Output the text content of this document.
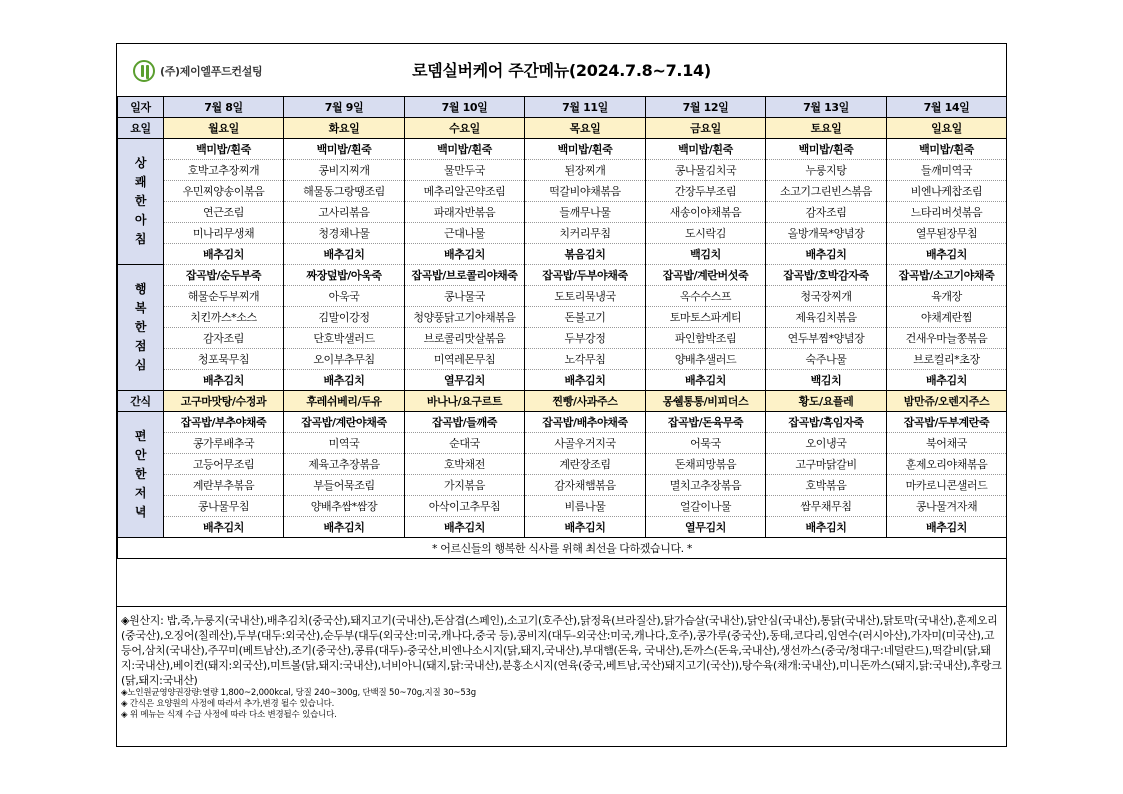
(주)제이엘푸드컨설팅	로뎀실버케어 주간메뉴(2024.7.8~7.14)
일자	7월 8일	7월 9일	7월 10일	7월 11일	7월 12일	7월 13일	7월 14일
요일	월요일	화요일	수요일	목요일	금요일	토요일	일요일
상
쾌
한
아
침	백미밥/흰죽	백미밥/흰죽	백미밥/흰죽	백미밥/흰죽	백미밥/흰죽	백미밥/흰죽	백미밥/흰죽
	호박고추장찌개	콩비지찌개	물만두국	된장찌개	콩나물김치국	누룽지탕	들깨미역국
	우민찌양송이볶음	해물동그랑땡조림	메추리알곤약조림	떡갈비야채볶음	간장두부조림	소고기그린빈스볶음	비엔나케찹조림
	연근조림	고사리볶음	파래자반볶음	들깨무나물	새송이야채볶음	감자조림	느타리버섯볶음
	미나리무생채	청경채나물	근대나물	치커리무침	도시락김	올방개묵*양념장	열무된장무침
	배추김치	배추김치	배추김치	볶음김치	백김치	배추김치	배추김치
행
복
한
점
심	잡곡밥/순두부죽	짜장덮밥/아욱죽	잡곡밥/브로콜리야채죽	잡곡밥/두부야채죽	잡곡밥/계란버섯죽	잡곡밥/호박감자죽	잡곡밥/소고기야채죽
	해물순두부찌개	아욱국	콩나물국	도토리묵냉국	옥수수스프	청국장찌개	육개장
	치킨까스*소스	김말이강정	청양풍닭고기야채볶음	돈불고기	토마토스파게티	제육김치볶음	야채계란찜
	감자조림	단호박샐러드	브로콜리맛살볶음	두부강정	파인함박조림	연두부찜*양념장	건새우마늘쫑볶음
	청포묵무침	오이부추무침	미역레몬무침	노각무침	양배추샐러드	숙주나물	브로컬리*초장
	배추김치	배추김치	열무김치	배추김치	배추김치	백김치	배추김치
간식	고구마맛탕/수정과	후레쉬베리/두유	바나나/요구르트	찐빵/사과주스	몽쉘통통/비피더스	황도/요플레	밤만쥬/오렌지주스
편
안
한
저
녁	잡곡밥/부추야채죽	잡곡밥/계란야채죽	잡곡밥/들깨죽	잡곡밥/배추야채죽	잡곡밥/돈육무죽	잡곡밥/흑임자죽	잡곡밥/두부계란죽
	콩가루배추국	미역국	순대국	사골우거지국	어묵국	오이냉국	북어채국
	고등어무조림	제육고추장볶음	호박채전	계란장조림	돈채피망볶음	고구마닭갈비	훈제오리야채볶음
	계란부추볶음	부들어묵조림	가지볶음	감자채햄볶음	멸치고추장볶음	호박볶음	마카로니콘샐러드
	콩나물무침	양배추쌈*쌈장	아삭이고추무침	비름나물	얼갈이나물	쌈무채무침	콩나물겨자채
	배추김치	배추김치	배추김치	배추김치	열무김치	배추김치	배추김치
* 어르신들의 행복한 식사를 위해 최선을 다하겠습니다. *							
◈원산지: 밥,죽,누룽지(국내산),배추김치(중국산),돼지고기(국내산),돈삼겹(스페인),소고기(호주산),닭정육(브라질산),닭가슴살(국내산),닭안심(국내산),통닭(국내산),닭토막(국내산),훈제오리(중국산),오징어(칠레산),두부(대두:외국산),순두부(대두(외국산:미국,캐나다,중국 등),콩비지(대두-외국산:미국,캐나다,호주),콩가루(중국산),동태,코다리,임연수(러시아산),가자미(미국산),고등어,삼치(국내산),주꾸미(베트남산),조기(중국산),콩류(대두)-중국산,비엔나소시지(닭,돼지,국내산),부대햄(돈육, 국내산),돈까스(돈육,국내산),생선까스(중국/청대구:네덜란드),떡갈비(닭,돼지:국내산),베이컨(돼지:외국산),미트볼(닭,돼지:국내산),너비아니(돼지,닭:국내산),분홍소시지(연육(중국,베트남,국산)돼지고기(국산)),탕수육(채개:국내산),미니돈까스(돼지,닭:국내산),후랑크(닭,돼지:국내산)
◈노인원균영양권장량:열량 1,800~2,000kcal, 당질 240~300g, 단백질 50~70g,지질 30~53g
◈ 간식은 요양원의 사정에 따라서 추가,변경 될수 있습니다.
◈ 위 메뉴는 식재 수급 사정에 따라 다소 변경될수 있습니다.
